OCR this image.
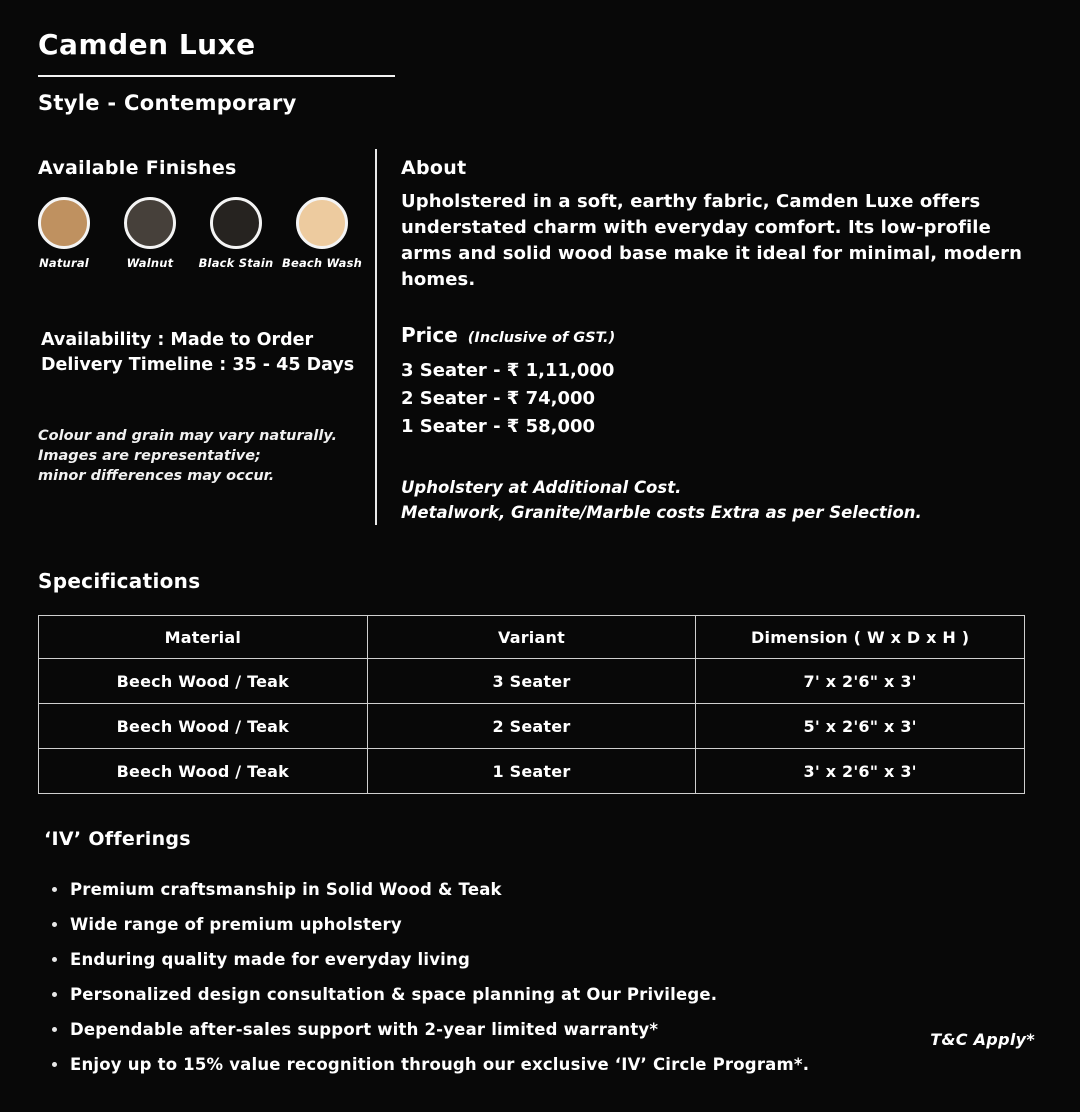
Camden Luxe
Style - Contemporary
Available Finishes
Natural	Walnut Black Stain Beach Wash
Availability : Made to Order
Delivery Timeline : 35 - 45 Days
Colour and grain may vary naturally.
Images are representative;
minor differences may occur.
About
Upholstered in a soft, earthy fabric, Camden Luxe offers understated charm with everyday comfort. Its low-profile arms and solid wood base make it ideal for minimal, modern homes.
Price (Inclusive of GST.)
3 Seater - ₹ 1,11,000
2 Seater - ₹ 74,000
1 Seater - ₹ 58,000
Upholstery at Additional Cost.
Metalwork, Granite/Marble costs Extra as per Selection.
Specifications
Material	Variant	Dimension ( W x D x H )
Beech Wood / Teak	3 Seater	7' x 2'6" x 3'
Beech Wood / Teak	2 Seater	5' x 2'6" x 3'
Beech Wood / Teak	1 Seater	3' x 2'6" x 3'
‘IV’ Offerings
Premium craftsmanship in Solid Wood & Teak
Wide range of premium upholstery
Enduring quality made for everyday living
Personalized design consultation & space planning at Our Privilege.
Dependable after-sales support with 2-year limited warranty*
Enjoy up to 15% value recognition through our exclusive ‘IV’ Circle Program*.
T&C Apply*
